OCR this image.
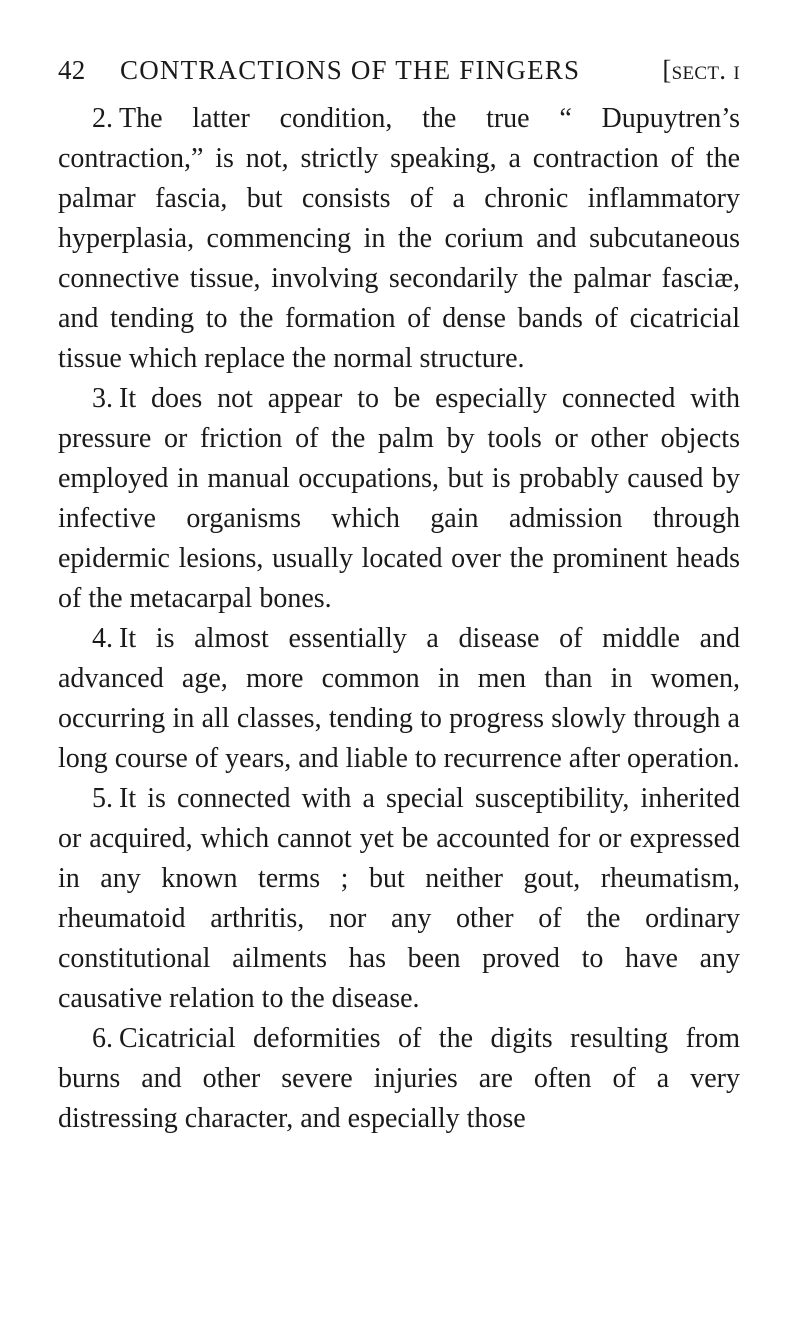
42 CONTRACTIONS OF THE FINGERS	[sect. i

2. The latter condition, the true “ Dupuytren’s contraction,” is not, strictly speaking, a contraction of the palmar fascia, but consists of a chronic inflammatory hyperplasia, commencing in the corium and subcutaneous connective tissue, involving secondarily the palmar fasciæ, and tending to the formation of dense bands of cicatricial tissue which replace the normal structure.

3. It does not appear to be especially connected with pressure or friction of the palm by tools or other objects employed in manual occupations, but is probably caused by infective organisms which gain admission through epidermic lesions, usually located over the prominent heads of the metacarpal bones.

4. It is almost essentially a disease of middle and advanced age, more common in men than in women, occurring in all classes, tending to progress slowly through a long course of years, and liable to recurrence after operation.

5. It is connected with a special susceptibility, inherited or acquired, which cannot yet be accounted for or expressed in any known terms ; but neither gout, rheumatism, rheumatoid arthritis, nor any other of the ordinary constitutional ailments has been proved to have any causative relation to the disease.

6. Cicatricial deformities of the digits resulting from burns and other severe injuries are often of a very distressing character, and especially those
